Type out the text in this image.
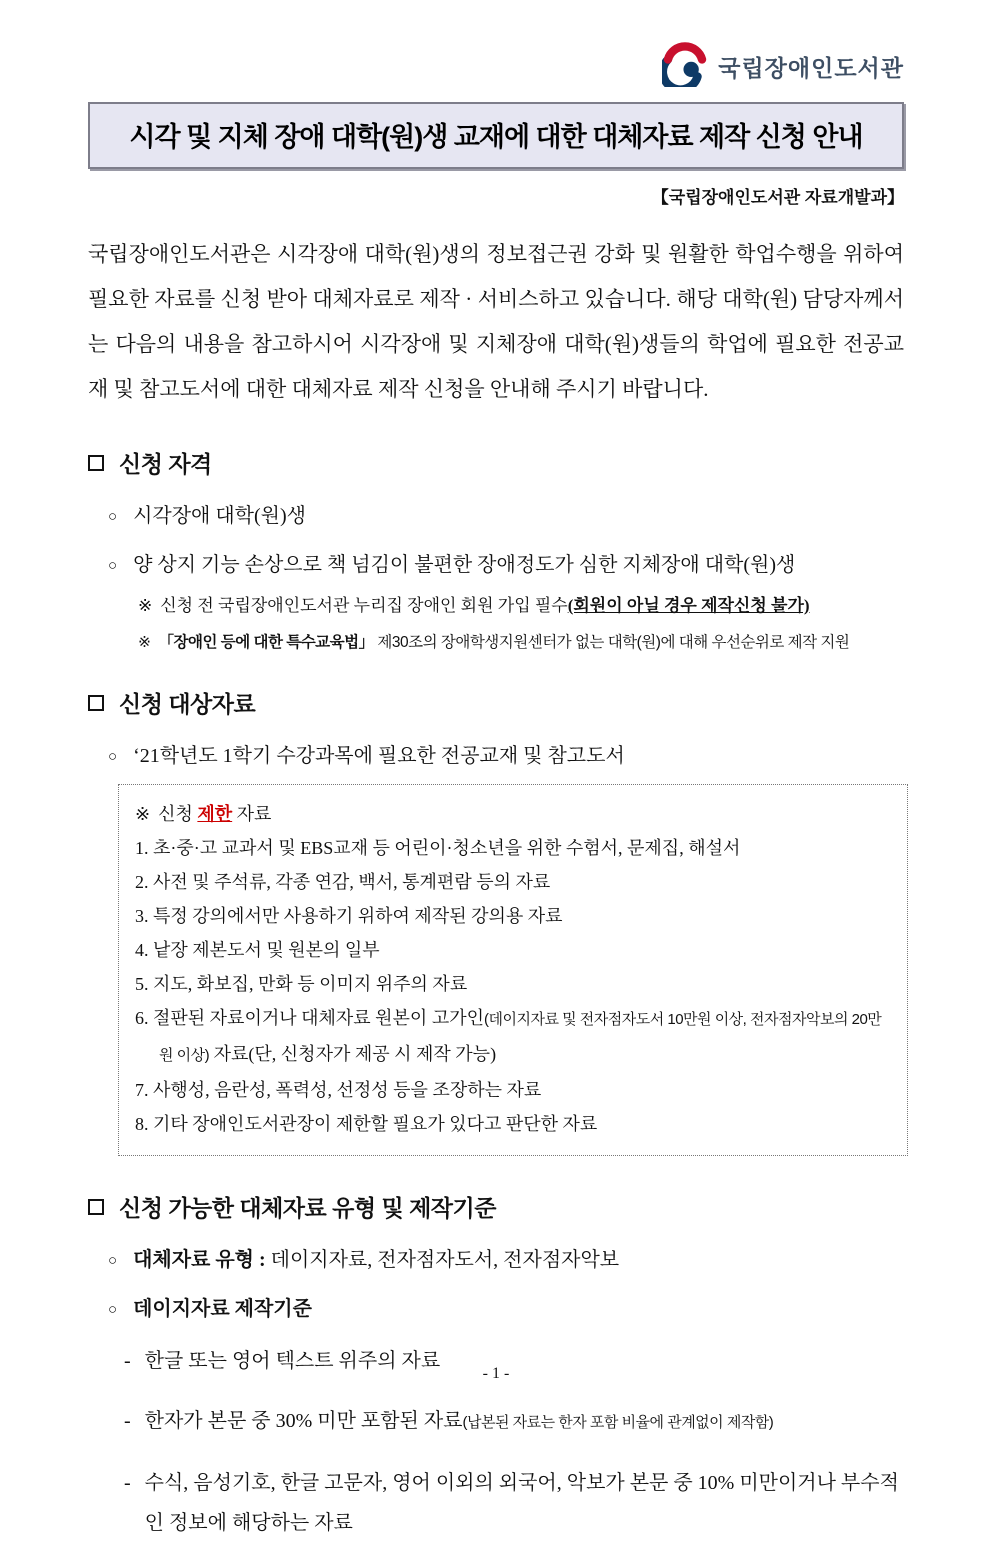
국립장애인도서관
시각 및 지체 장애 대학(원)생 교재에 대한 대체자료 제작 신청 안내
【국립장애인도서관 자료개발과】

국립장애인도서관은 시각장애 대학(원)생의 정보접근권 강화 및 원활한 학업수행을 위하여 필요한 자료를 신청 받아 대체자료로 제작 · 서비스하고 있습니다. 해당 대학(원) 담당자께서는 다음의 내용을 참고하시어 시각장애 및 지체장애 대학(원)생들의 학업에 필요한 전공교재 및 참고도서에 대한 대체자료 제작 신청을 안내해 주시기 바랍니다.

신청 자격
○ 시각장애 대학(원)생
○ 양 상지 기능 손상으로 책 넘김이 불편한 장애정도가 심한 지체장애 대학(원)생
※ 신청 전 국립장애인도서관 누리집 장애인 회원 가입 필수(회원이 아닐 경우 제작신청 불가)
※ 「장애인 등에 대한 특수교육법」 제30조의 장애학생지원센터가 없는 대학(원)에 대해 우선순위로 제작 지원
신청 대상자료
○ ‘21학년도 1학기 수강과목에 필요한 전공교재 및 참고도서
※ 신청 제한 자료
1. 초·중·고 교과서 및 EBS교재 등 어린이·청소년을 위한 수험서, 문제집, 해설서
2. 사전 및 주석류, 각종 연감, 백서, 통계편람 등의 자료
3. 특정 강의에서만 사용하기 위하여 제작된 강의용 자료
4. 낱장 제본도서 및 원본의 일부
5. 지도, 화보집, 만화 등 이미지 위주의 자료
6. 절판된 자료이거나 대체자료 원본이 고가인(데이지자료 및 전자점자도서 10만원 이상, 전자점자악보의 20만원 이상) 자료(단, 신청자가 제공 시 제작 가능)
7. 사행성, 음란성, 폭력성, 선정성 등을 조장하는 자료
8. 기타 장애인도서관장이 제한할 필요가 있다고 판단한 자료
신청 가능한 대체자료 유형 및 제작기준
○ 대체자료 유형 : 데이지자료, 전자점자도서, 전자점자악보
○ 데이지자료 제작기준
- 한글 또는 영어 텍스트 위주의 자료
- 한자가 본문 중 30% 미만 포함된 자료(납본된 자료는 한자 포함 비율에 관계없이 제작함)
- 수식, 음성기호, 한글 고문자, 영어 이외의 외국어, 악보가 본문 중 10% 미만이거나 부수적인 정보에 해당하는 자료
- 1 -
